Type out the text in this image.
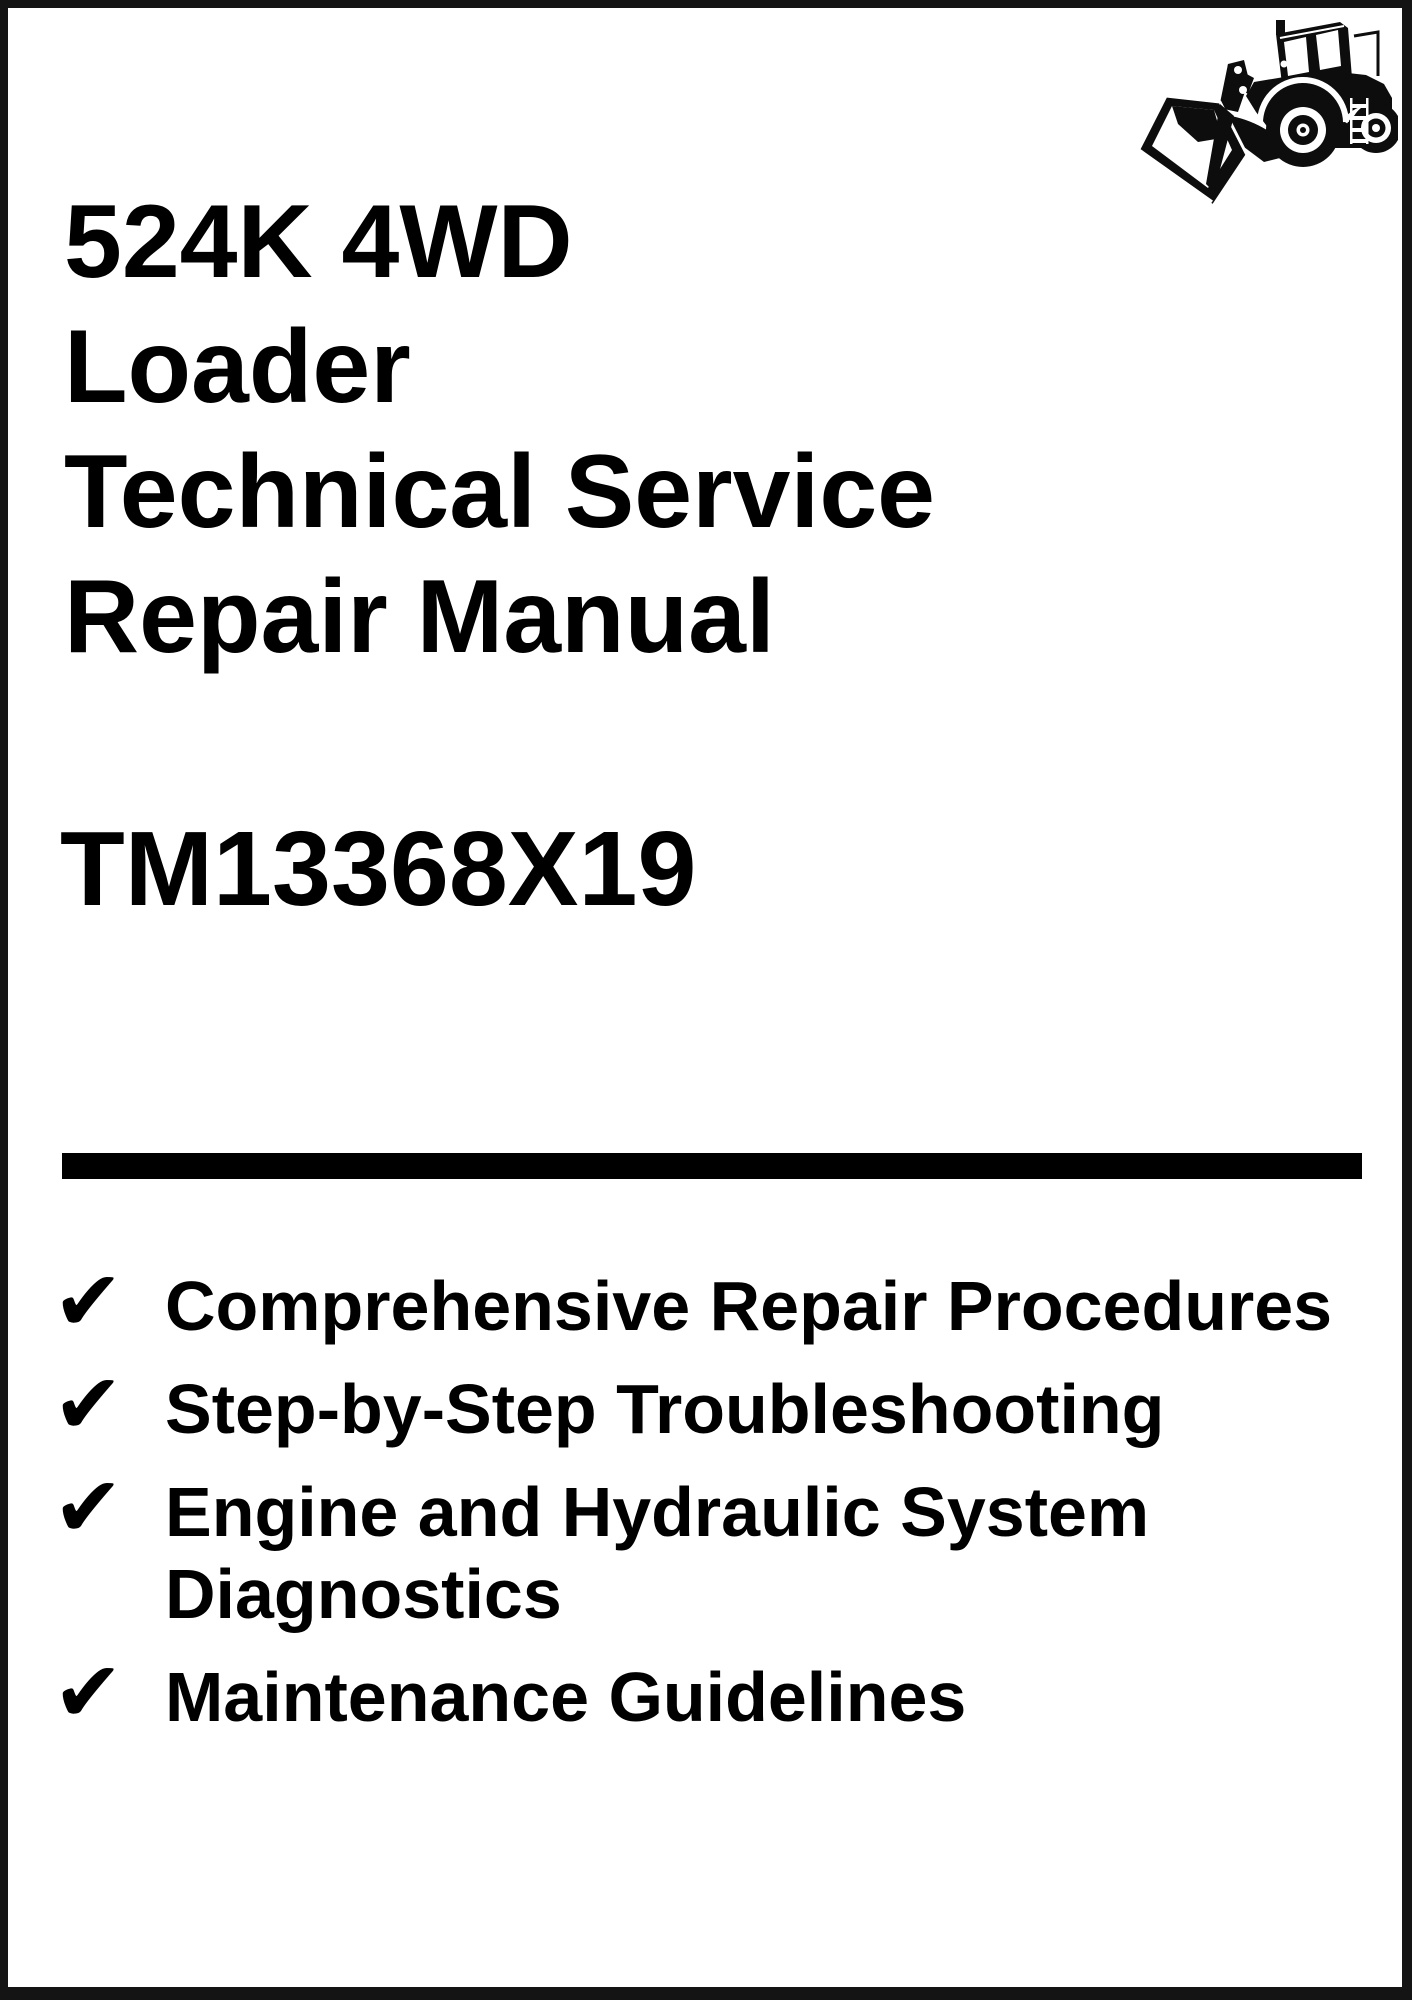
524K 4WD
Loader
Technical Service
Repair Manual
TM13368X19
✔ Comprehensive Repair Procedures
✔ Step-by-Step Troubleshooting
✔ Engine and Hydraulic System Diagnostics
✔ Maintenance Guidelines
